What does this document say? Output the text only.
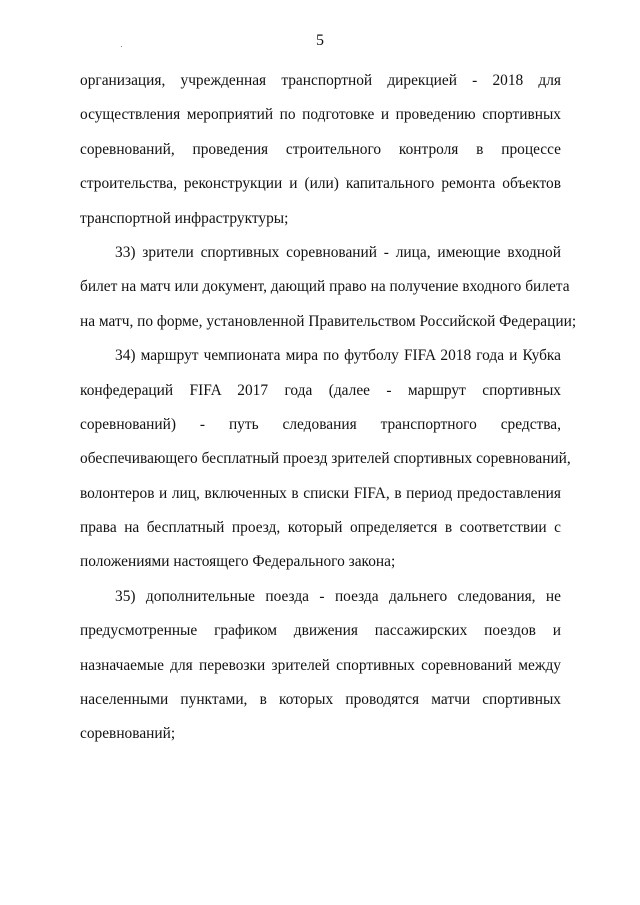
5
организация, учрежденная транспортной дирекцией - 2018 для
осуществления мероприятий по подготовке и проведению спортивных
соревнований, проведения строительного контроля в процессе
строительства, реконструкции и (или) капитального ремонта объектов
транспортной инфраструктуры;
33) зрители спортивных соревнований - лица, имеющие входной
билет на матч или документ, дающий право на получение входного билета
на матч, по форме, установленной Правительством Российской Федерации;
34) маршрут чемпионата мира по футболу FIFA 2018 года и Кубка
конфедераций FIFA 2017 года (далее - маршрут спортивных
соревнований) - путь следования транспортного средства,
обеспечивающего бесплатный проезд зрителей спортивных соревнований,
волонтеров и лиц, включенных в списки FIFA, в период предоставления
права на бесплатный проезд, который определяется в соответствии с
положениями настоящего Федерального закона;
35) дополнительные поезда - поезда дальнего следования, не
предусмотренные графиком движения пассажирских поездов и
назначаемые для перевозки зрителей спортивных соревнований между
населенными пунктами, в которых проводятся матчи спортивных
соревнований;
